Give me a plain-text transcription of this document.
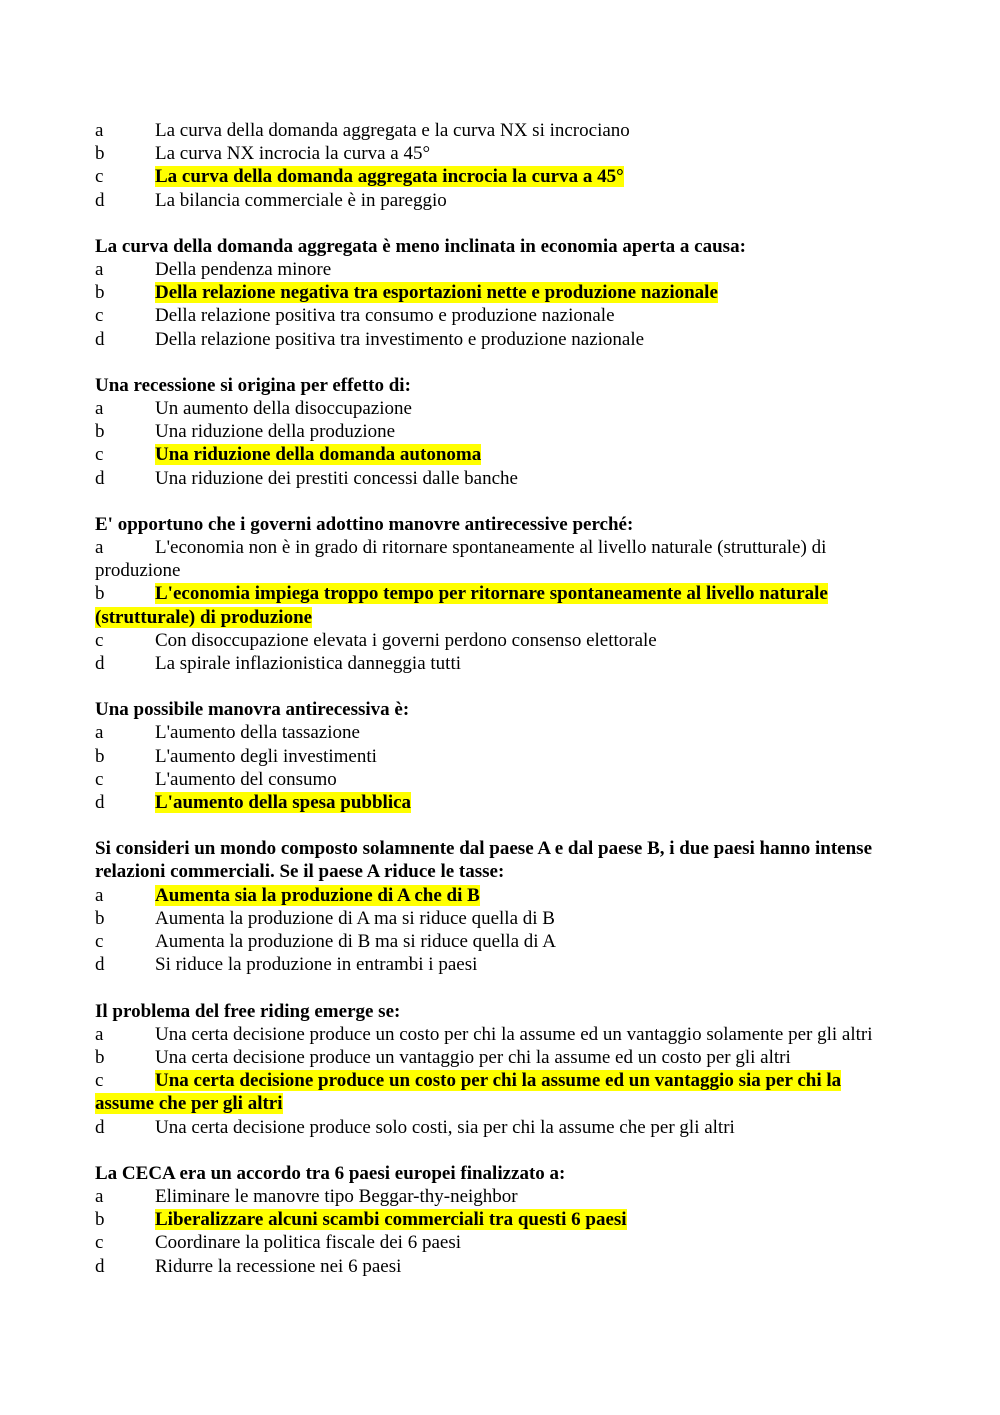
a	La curva della domanda aggregata e la curva NX si incrociano
b	La curva NX incrocia la curva a 45°
c	La curva della domanda aggregata incrocia la curva a 45°
d	La bilancia commerciale è in pareggio
La curva della domanda aggregata è meno inclinata in economia aperta a causa:
a	Della pendenza minore
b	Della relazione negativa tra esportazioni nette e produzione nazionale
c	Della relazione positiva tra consumo e produzione nazionale
d	Della relazione positiva tra investimento e produzione nazionale
Una recessione si origina per effetto di:
a	Un aumento della disoccupazione
b	Una riduzione della produzione
c	Una riduzione della domanda autonoma
d	Una riduzione dei prestiti concessi dalle banche
E' opportuno che i governi adottino manovre antirecessive perché:
a	L'economia non è in grado di ritornare spontaneamente al livello naturale (strutturale) di produzione
b	L'economia impiega troppo tempo per ritornare spontaneamente al livello naturale (strutturale) di produzione
c	Con disoccupazione elevata i governi perdono consenso elettorale
d	La spirale inflazionistica danneggia tutti
Una possibile manovra antirecessiva è:
a	L'aumento della tassazione
b	L'aumento degli investimenti
c	L'aumento del consumo
d	L'aumento della spesa pubblica
Si consideri un mondo composto solamnente dal paese A e dal paese B, i due paesi hanno intense relazioni commerciali. Se il paese A riduce le tasse:
a	Aumenta sia la produzione di A che di B
b	Aumenta la produzione di A ma si riduce quella di B
c	Aumenta la produzione di B ma si riduce quella di A
d	Si riduce la produzione in entrambi i paesi
Il problema del free riding emerge se:
a	Una certa decisione produce un costo per chi la assume ed un vantaggio solamente per gli altri
b	Una certa decisione produce un vantaggio per chi la assume ed un costo per gli altri
c	Una certa decisione produce un costo per chi la assume ed un vantaggio sia per chi la assume che per gli altri
d	Una certa decisione produce solo costi, sia per chi la assume che per gli altri
La CECA era un accordo tra 6 paesi europei finalizzato a:
a	Eliminare le manovre tipo Beggar-thy-neighbor
b	Liberalizzare alcuni scambi commerciali tra questi 6 paesi
c	Coordinare la politica fiscale dei 6 paesi
d	Ridurre la recessione nei 6 paesi
